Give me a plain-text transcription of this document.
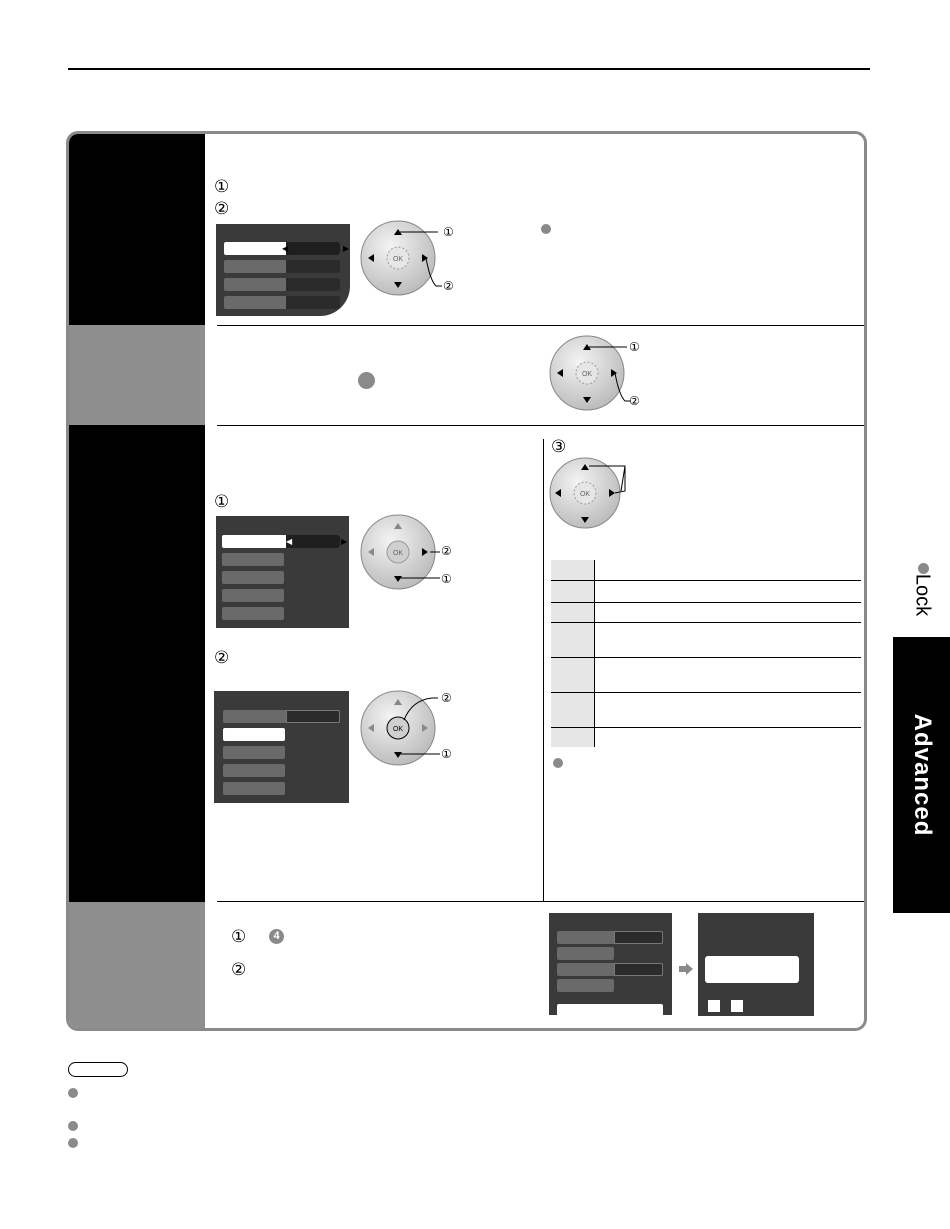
①
②
◀	▶
OK
①
②
OK
①
②
①
◀	▶
OK	②
①
②
OK
②
①
③
OK
①	4
②
Lock
Advanced
